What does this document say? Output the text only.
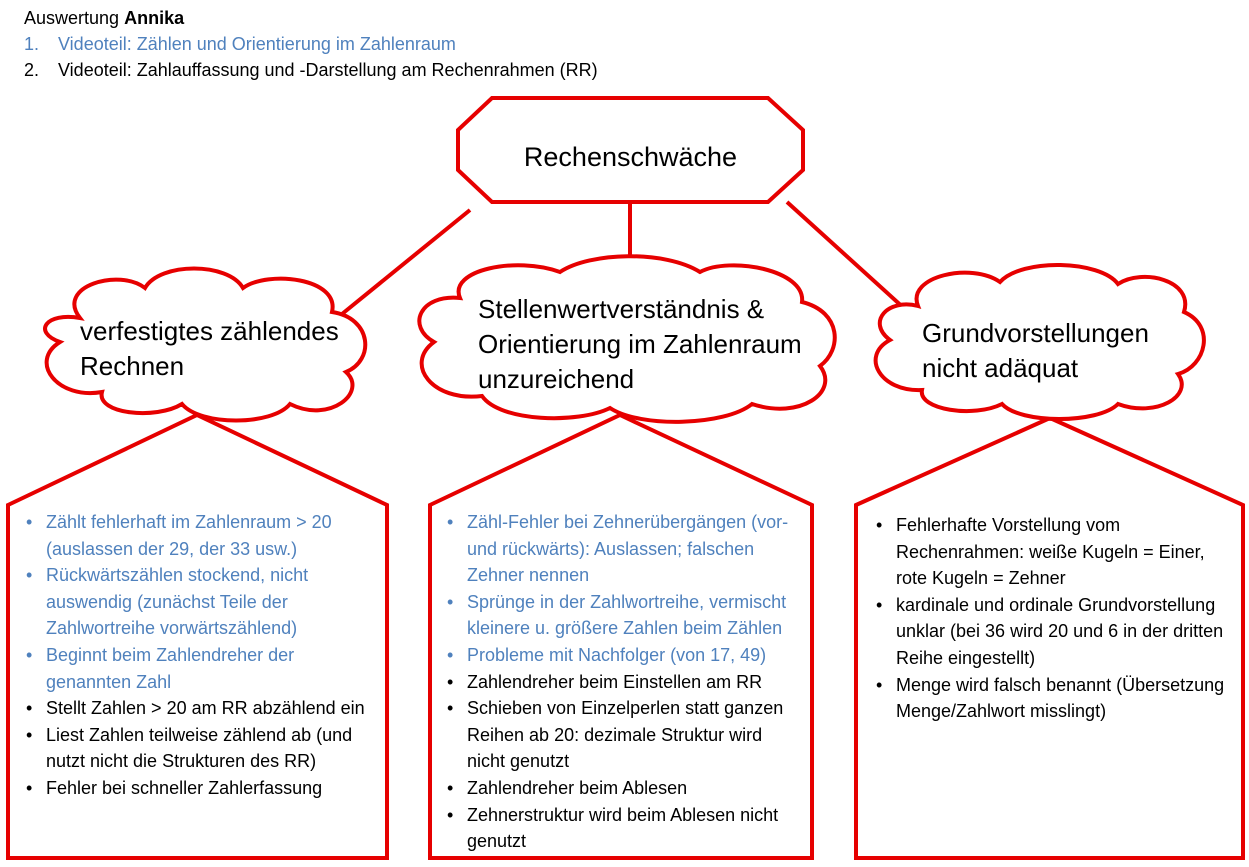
Auswertung Annika
1. Videoteil: Zählen und Orientierung im Zahlenraum
2. Videoteil: Zahlauffassung und -Darstellung am Rechenrahmen (RR)
Rechenschwäche
verfestigtes zählendes
Rechnen
Stellenwertverständnis &
Orientierung im Zahlenraum
unzureichend
Grundvorstellungen
nicht adäquat
• Zählt fehlerhaft im Zahlenraum > 20 (auslassen der 29, der 33 usw.)
• Rückwärtszählen stockend, nicht auswendig (zunächst Teile der Zahlwortreihe vorwärtszählend)
• Beginnt beim Zahlendreher der genannten Zahl
• Stellt Zahlen > 20 am RR abzählend ein
• Liest Zahlen teilweise zählend ab (und nutzt nicht die Strukturen des RR)
• Fehler bei schneller Zahlerfassung
• Zähl-Fehler bei Zehnerübergängen (vor- und rückwärts): Auslassen; falschen Zehner nennen
• Sprünge in der Zahlwortreihe, vermischt kleinere u. größere Zahlen beim Zählen
• Probleme mit Nachfolger (von 17, 49)
• Zahlendreher beim Einstellen am RR
• Schieben von Einzelperlen statt ganzen Reihen ab 20: dezimale Struktur wird nicht genutzt
• Zahlendreher beim Ablesen
• Zehnerstruktur wird beim Ablesen nicht genutzt
• Fehlerhafte Vorstellung vom Rechenrahmen: weiße Kugeln = Einer, rote Kugeln = Zehner
• kardinale und ordinale Grundvorstellung unklar (bei 36 wird 20 und 6 in der dritten Reihe eingestellt)
• Menge wird falsch benannt (Übersetzung Menge/Zahlwort misslingt)
